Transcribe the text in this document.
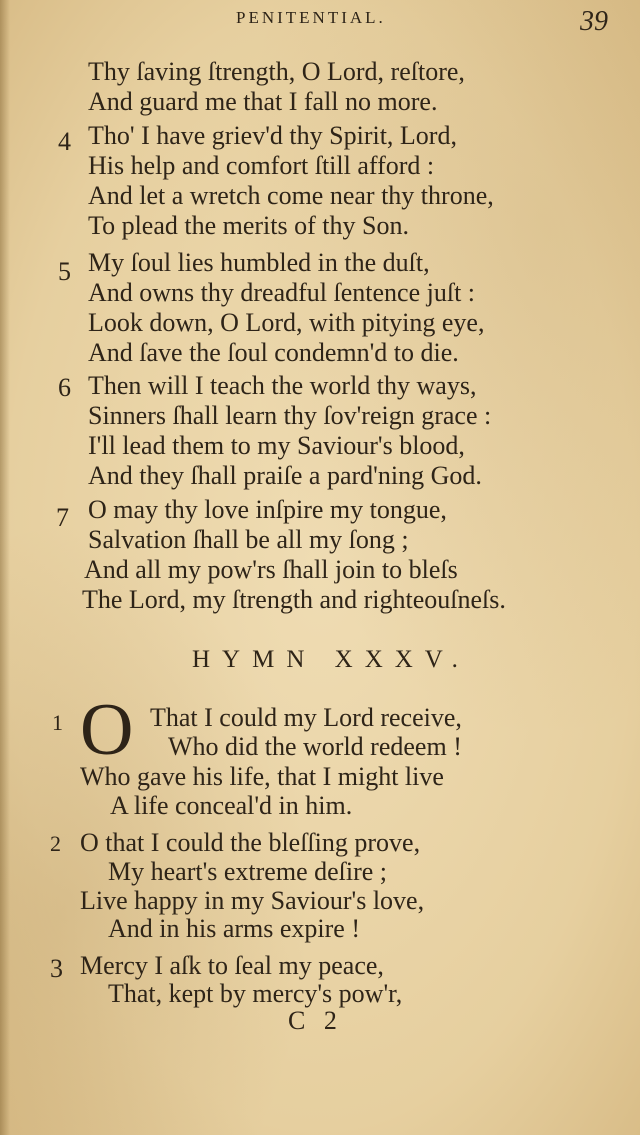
PENITENTIAL.	39
Thy ſaving ſtrength, O Lord, reſtore,
And guard me that I fall no more.
4 Tho' I have griev'd thy Spirit, Lord,
His help and comfort ſtill afford :
And let a wretch come near thy throne,
To plead the merits of thy Son.
5 My ſoul lies humbled in the duſt,
And owns thy dreadful ſentence juſt :
Look down, O Lord, with pitying eye,
And ſave the ſoul condemn'd to die.
6 Then will I teach the world thy ways,
Sinners ſhall learn thy ſov'reign grace :
I'll lead them to my Saviour's blood,
And they ſhall praiſe a pard'ning God.
7 O may thy love inſpire my tongue,
Salvation ſhall be all my ſong ;
And all my pow'rs ſhall join to bleſs
The Lord, my ſtrength and righteouſneſs.
HYMN XXXV.
1 O That I could my Lord receive,
Who did the world redeem !
Who gave his life, that I might live
A life conceal'd in him.
2 O that I could the bleſſing prove,
My heart's extreme deſire ;
Live happy in my Saviour's love,
And in his arms expire !
3 Mercy I aſk to ſeal my peace,
That, kept by mercy's pow'r,
C 2
